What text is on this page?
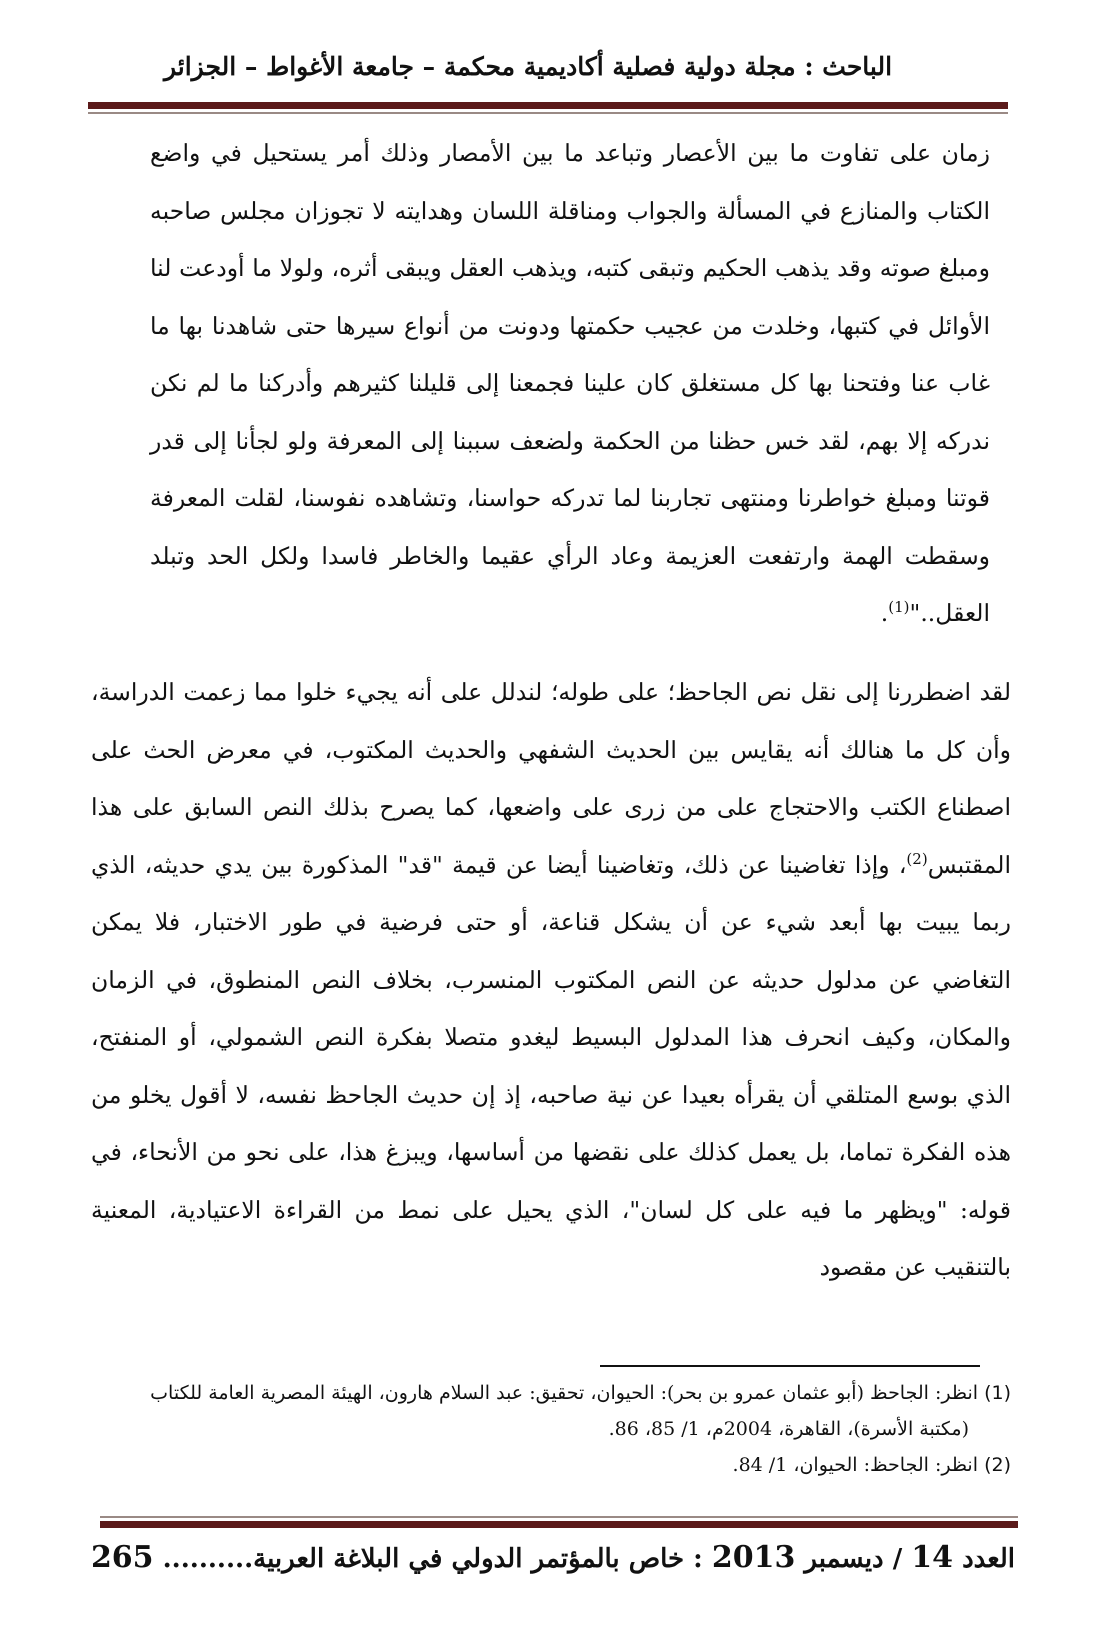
الباحث : مجلة دولية فصلية أكاديمية محكمة – جامعة الأغواط – الجزائر

زمان على تفاوت ما بين الأعصار وتباعد ما بين الأمصار وذلك أمر يستحيل في واضع الكتاب والمنازع في المسألة والجواب ومناقلة اللسان وهدايته لا تجوزان مجلس صاحبه ومبلغ صوته وقد يذهب الحكيم وتبقى كتبه، ويذهب العقل ويبقى أثره، ولولا ما أودعت لنا الأوائل في كتبها، وخلدت من عجيب حكمتها ودونت من أنواع سيرها حتى شاهدنا بها ما غاب عنا وفتحنا بها كل مستغلق كان علينا فجمعنا إلى قليلنا كثيرهم وأدركنا ما لم نكن ندركه إلا بهم، لقد خس حظنا من الحكمة ولضعف سببنا إلى المعرفة ولو لجأنا إلى قدر قوتنا ومبلغ خواطرنا ومنتهى تجاربنا لما تدركه حواسنا، وتشاهده نفوسنا، لقلت المعرفة وسقطت الهمة وارتفعت العزيمة وعاد الرأي عقيما والخاطر فاسدا ولكل الحد وتبلد العقل.."$^{(1)}$.

لقد اضطررنا إلى نقل نص الجاحظ؛ على طوله؛ لندلل على أنه يجيء خلوا مما زعمت الدراسة، وأن كل ما هنالك أنه يقايس بين الحديث الشفهي والحديث المكتوب، في معرض الحث على اصطناع الكتب والاحتجاج على من زرى على واضعها، كما يصرح بذلك النص السابق على هذا المقتبس$^{(2)}$، وإذا تغاضينا عن ذلك، وتغاضينا أيضا عن قيمة "قد" المذكورة بين يدي حديثه، الذي ربما يبيت بها أبعد شيء عن أن يشكل قناعة، أو حتى فرضية في طور الاختبار، فلا يمكن التغاضي عن مدلول حديثه عن النص المكتوب المنسرب، بخلاف النص المنطوق، في الزمان والمكان، وكيف انحرف هذا المدلول البسيط ليغدو متصلا بفكرة النص الشمولي، أو المنفتح، الذي بوسع المتلقي أن يقرأه بعيدا عن نية صاحبه، إذ إن حديث الجاحظ نفسه، لا أقول يخلو من هذه الفكرة تماما، بل يعمل كذلك على نقضها من أساسها، ويبزغ هذا، على نحو من الأنحاء، في قوله: "ويظهر ما فيه على كل لسان"، الذي يحيل على نمط من القراءة الاعتيادية، المعنية بالتنقيب عن مقصود

(1) انظر: الجاحظ (أبو عثمان عمرو بن بحر): الحيوان، تحقيق: عبد السلام هارون، الهيئة المصرية العامة للكتاب
(مكتبة الأسرة)، القاهرة، 2004م، 1/ 85، 86.

(2) انظر: الجاحظ: الحيوان، 1/ 84.

العدد 14 / ديسمبر 2013 : خاص بالمؤتمر الدولي في البلاغة العربية.......... 265
